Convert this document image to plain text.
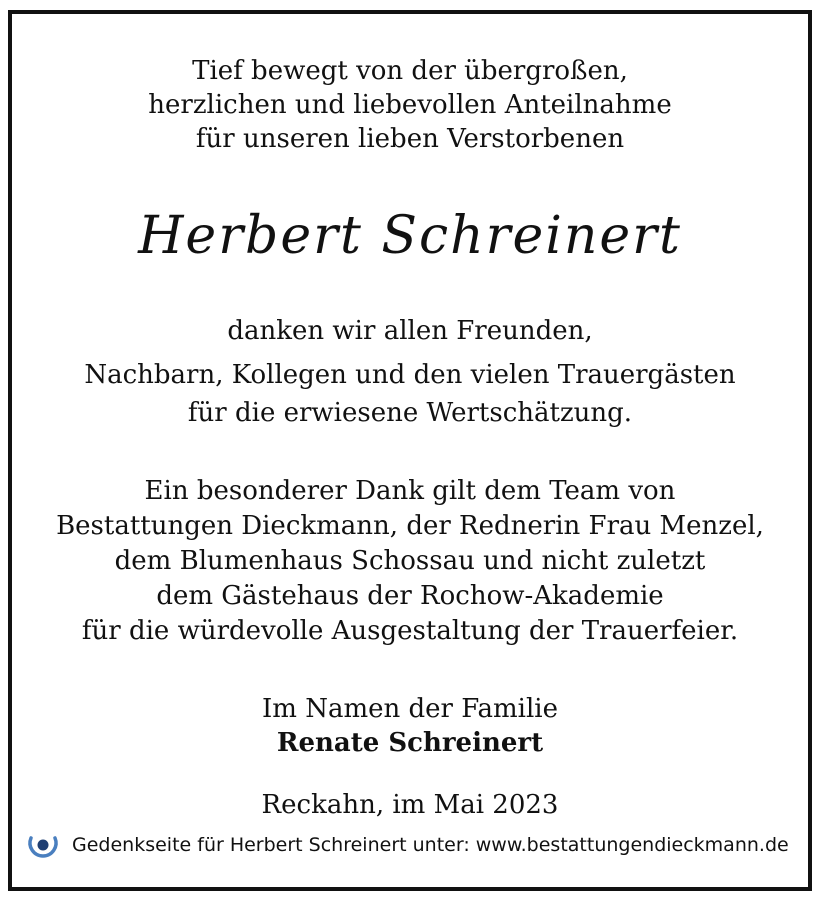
Tief bewegt von der übergroßen,
herzlichen und liebevollen Anteilnahme
für unseren lieben Verstorbenen
Herbert Schreinert
danken wir allen Freunden,
Nachbarn, Kollegen und den vielen Trauergästen
für die erwiesene Wertschätzung.
Ein besonderer Dank gilt dem Team von
Bestattungen Dieckmann, der Rednerin Frau Menzel,
dem Blumenhaus Schossau und nicht zuletzt
dem Gästehaus der Rochow-Akademie
für die würdevolle Ausgestaltung der Trauerfeier.
Im Namen der Familie
Renate Schreinert
Reckahn, im Mai 2023
Gedenkseite für Herbert Schreinert unter: www.bestattungendieckmann.de
